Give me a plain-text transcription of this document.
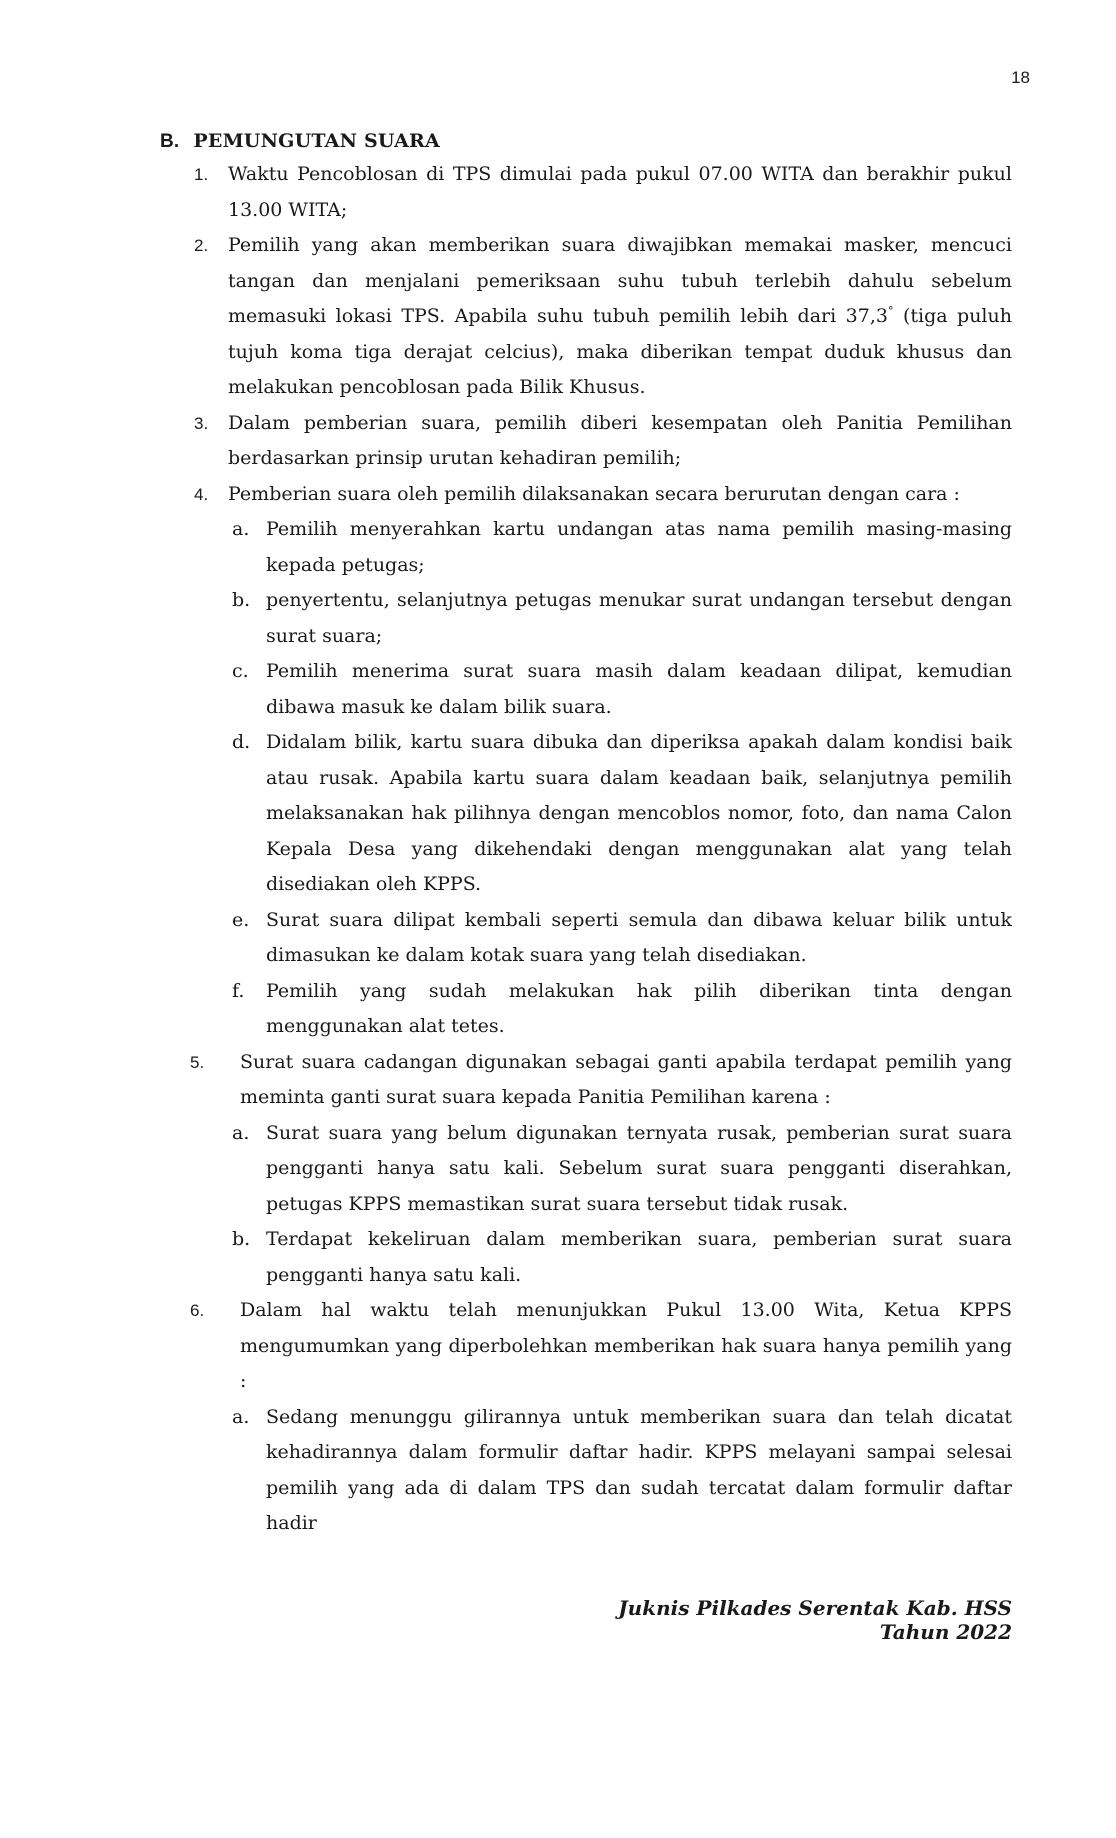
18
B. PEMUNGUTAN SUARA
1. Waktu Pencoblosan di TPS dimulai pada pukul 07.00 WITA dan berakhir pukul 13.00 WITA;
2. Pemilih yang akan memberikan suara diwajibkan memakai masker, mencuci tangan dan menjalani pemeriksaan suhu tubuh terlebih dahulu sebelum memasuki lokasi TPS. Apabila suhu tubuh pemilih lebih dari 37,3° (tiga puluh tujuh koma tiga derajat celcius), maka diberikan tempat duduk khusus dan melakukan pencoblosan pada Bilik Khusus.
3. Dalam pemberian suara, pemilih diberi kesempatan oleh Panitia Pemilihan berdasarkan prinsip urutan kehadiran pemilih;
4. Pemberian suara oleh pemilih dilaksanakan secara berurutan dengan cara :
a. Pemilih menyerahkan kartu undangan atas nama pemilih masing-masing kepada petugas;
b. penyertentu, selanjutnya petugas menukar surat undangan tersebut dengan surat suara;
c. Pemilih menerima surat suara masih dalam keadaan dilipat, kemudian dibawa masuk ke dalam bilik suara.
d. Didalam bilik, kartu suara dibuka dan diperiksa apakah dalam kondisi baik atau rusak. Apabila kartu suara dalam keadaan baik, selanjutnya pemilih melaksanakan hak pilihnya dengan mencoblos nomor, foto, dan nama Calon Kepala Desa yang dikehendaki dengan menggunakan alat yang telah disediakan oleh KPPS.
e. Surat suara dilipat kembali seperti semula dan dibawa keluar bilik untuk dimasukan ke dalam kotak suara yang telah disediakan.
f. Pemilih yang sudah melakukan hak pilih diberikan tinta dengan menggunakan alat tetes.
5. Surat suara cadangan digunakan sebagai ganti apabila terdapat pemilih yang meminta ganti surat suara kepada Panitia Pemilihan karena :
a. Surat suara yang belum digunakan ternyata rusak, pemberian surat suara pengganti hanya satu kali. Sebelum surat suara pengganti diserahkan, petugas KPPS memastikan surat suara tersebut tidak rusak.
b. Terdapat kekeliruan dalam memberikan suara, pemberian surat suara pengganti hanya satu kali.
6. Dalam hal waktu telah menunjukkan Pukul 13.00 Wita, Ketua KPPS mengumumkan yang diperbolehkan memberikan hak suara hanya pemilih yang :
a. Sedang menunggu gilirannya untuk memberikan suara dan telah dicatat kehadirannya dalam formulir daftar hadir. KPPS melayani sampai selesai pemilih yang ada di dalam TPS dan sudah tercatat dalam formulir daftar hadir
Juknis Pilkades Serentak Kab. HSS Tahun 2022
